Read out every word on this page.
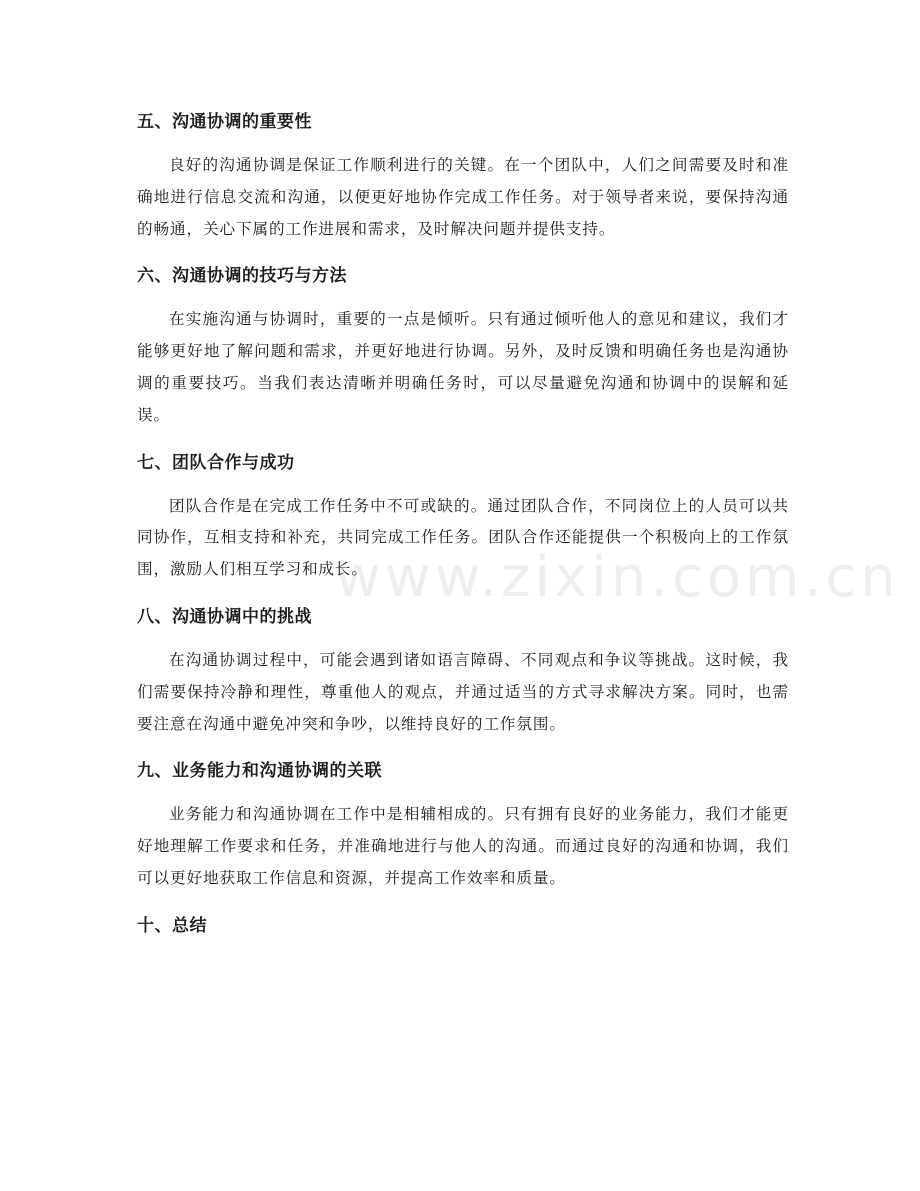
www.zixin.com.cn
五、沟通协调的重要性

良好的沟通协调是保证工作顺利进行的关键。在一个团队中，人们之间需要及时和准确地进行信息交流和沟通，以便更好地协作完成工作任务。对于领导者来说，要保持沟通的畅通，关心下属的工作进展和需求，及时解决问题并提供支持。

六、沟通协调的技巧与方法

在实施沟通与协调时，重要的一点是倾听。只有通过倾听他人的意见和建议，我们才能够更好地了解问题和需求，并更好地进行协调。另外，及时反馈和明确任务也是沟通协调的重要技巧。当我们表达清晰并明确任务时，可以尽量避免沟通和协调中的误解和延误。

七、团队合作与成功

团队合作是在完成工作任务中不可或缺的。通过团队合作，不同岗位上的人员可以共同协作，互相支持和补充，共同完成工作任务。团队合作还能提供一个积极向上的工作氛围，激励人们相互学习和成长。

八、沟通协调中的挑战

在沟通协调过程中，可能会遇到诸如语言障碍、不同观点和争议等挑战。这时候，我们需要保持冷静和理性，尊重他人的观点，并通过适当的方式寻求解决方案。同时，也需要注意在沟通中避免冲突和争吵，以维持良好的工作氛围。

九、业务能力和沟通协调的关联

业务能力和沟通协调在工作中是相辅相成的。只有拥有良好的业务能力，我们才能更好地理解工作要求和任务，并准确地进行与他人的沟通。而通过良好的沟通和协调，我们可以更好地获取工作信息和资源，并提高工作效率和质量。

十、总结
